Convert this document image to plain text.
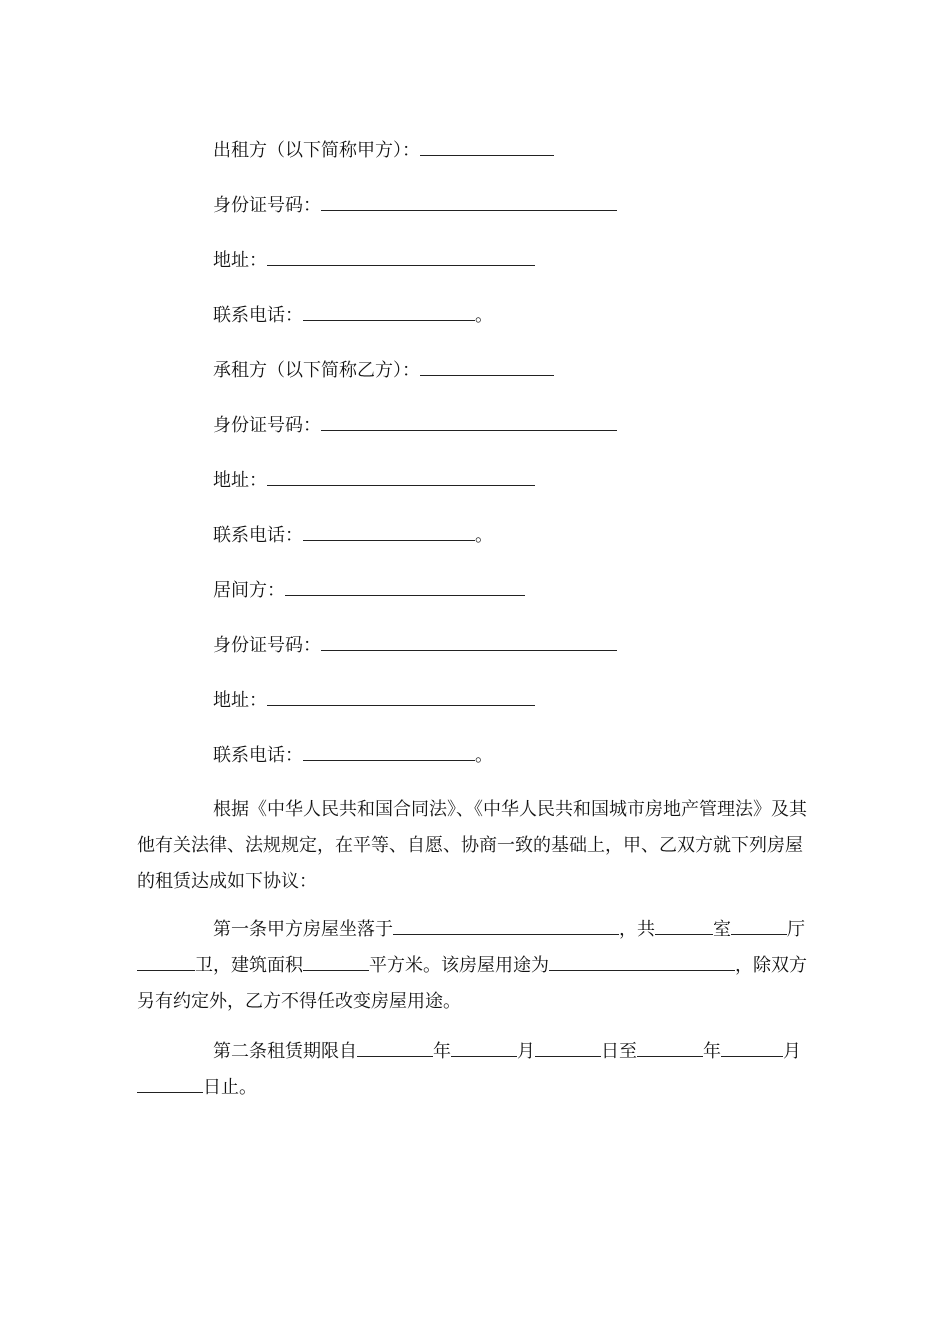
出租方（以下简称甲方）：
身份证号码：
地址：
联系电话：	。
承租方（以下简称乙方）：
身份证号码：
地址：
联系电话：	。
居间方：
身份证号码：
地址：
联系电话：	。
根据《中华人民共和国合同法》、《中华人民共和国城市房地产管理法》及其他有关法律、法规规定，在平等、自愿、协商一致的基础上，甲、乙双方就下列房屋的租赁达成如下协议：
第一条甲方房屋坐落于	，共	室	厅卫，建筑面积	平方米。该房屋用途为	，除双方另有约定外，乙方不得任改变房屋用途。
第二条租赁期限自	年	月	日至	年	月日止。
